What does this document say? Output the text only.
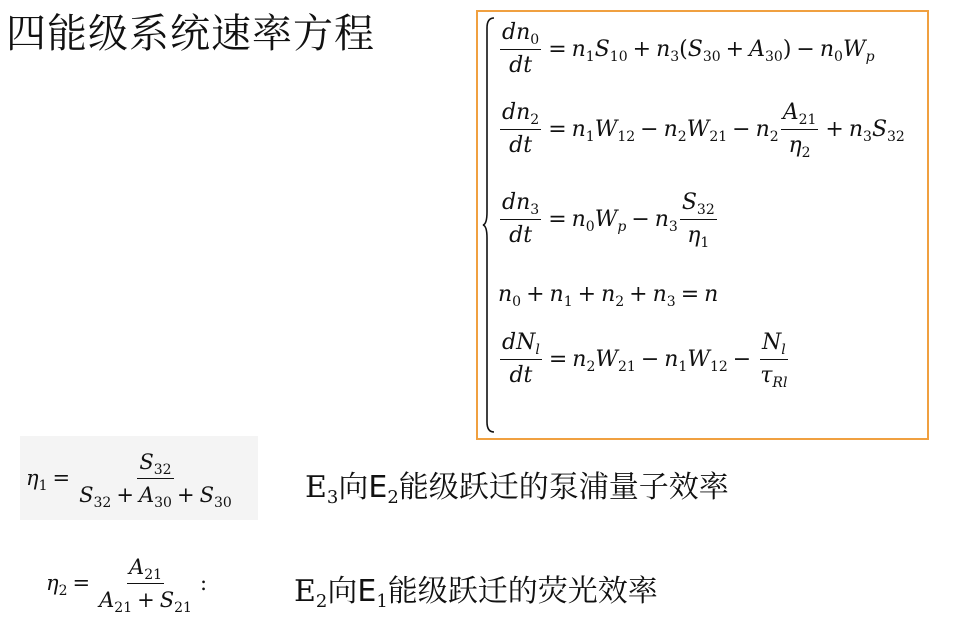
四能级系统速率方程	$\frac{dn_0}{dt} = n_1S_{10} + n_3(S_{30} + A_{30}) - n_0W_p$
$\frac{dn_2}{dt} = n_1W_{12} - n_2W_{21} - n_2 \frac{A_{21}}{\eta_2} + n_3S_{32}$
$\frac{dn_3}{dt} = n_0W_p - n_3 \frac{S_{32}}{\eta_1}$
$n_0 + n_1 + n_2 + n_3 = n$
$\frac{dN_l}{dt} = n_2W_{21} - n_1W_{12} - \frac{N_l}{\tau_{Rl}}$
$\eta_1 = \frac{S_{32}}{S_{32} + A_{30} + S_{30}} E_3$向$E_2$能级跃迁的泵浦量子效率
$\eta_2 = \frac{A_{21}}{A_{21} + S_{21}}$ :	$E_2$向$E_1$能级跃迁的荧光效率
